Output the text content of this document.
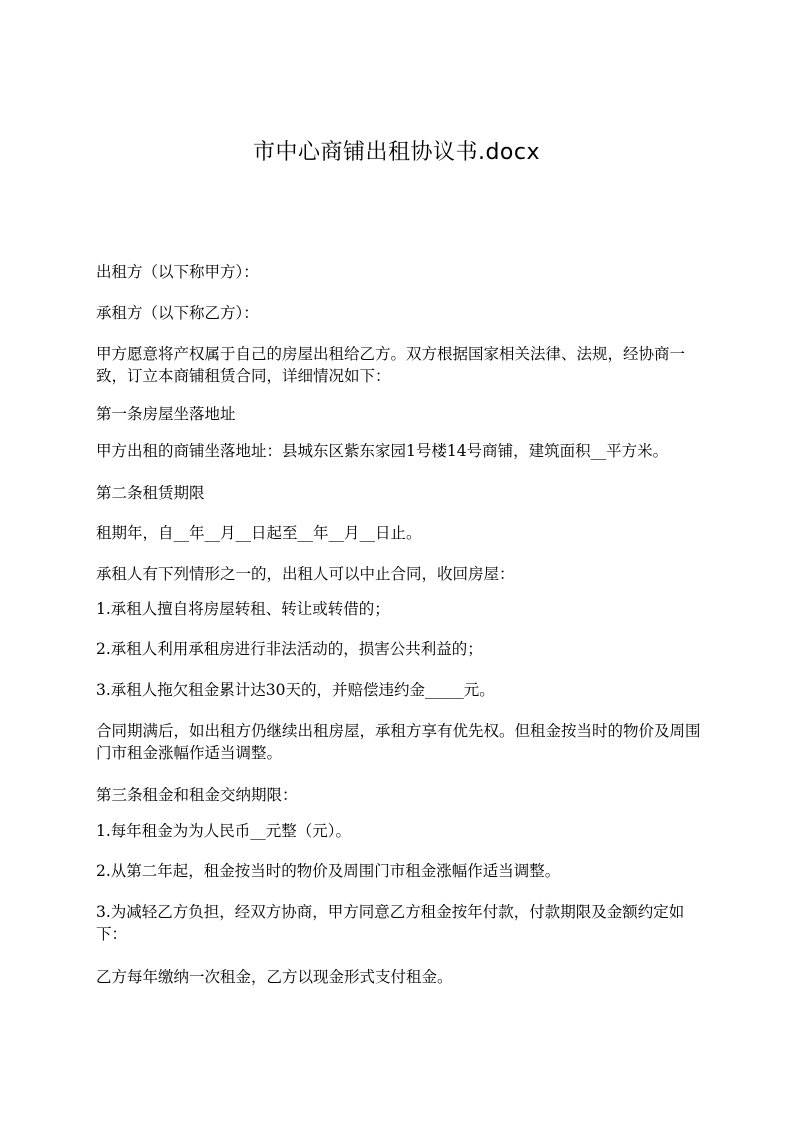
市中心商铺出租协议书.docx

出租方（以下称甲方）：

承租方（以下称乙方）：

甲方愿意将产权属于自己的房屋出租给乙方。双方根据国家相关法律、法规，经协商一致，订立本商铺租赁合同，详细情况如下：

第一条房屋坐落地址

甲方出租的商铺坐落地址：县城东区紫东家园1号楼14号商铺，建筑面积__平方米。

第二条租赁期限

租期年，自__年__月__日起至__年__月__日止。

承租人有下列情形之一的，出租人可以中止合同，收回房屋：

1.承租人擅自将房屋转租、转让或转借的；

2.承租人利用承租房进行非法活动的，损害公共利益的；

3.承租人拖欠租金累计达30天的，并赔偿违约金_____元。

合同期满后，如出租方仍继续出租房屋，承租方享有优先权。但租金按当时的物价及周围门市租金涨幅作适当调整。

第三条租金和租金交纳期限：

1.每年租金为为人民币__元整（元）。

2.从第二年起，租金按当时的物价及周围门市租金涨幅作适当调整。

3.为减轻乙方负担，经双方协商，甲方同意乙方租金按年付款，付款期限及金额约定如下：

乙方每年缴纳一次租金，乙方以现金形式支付租金。
